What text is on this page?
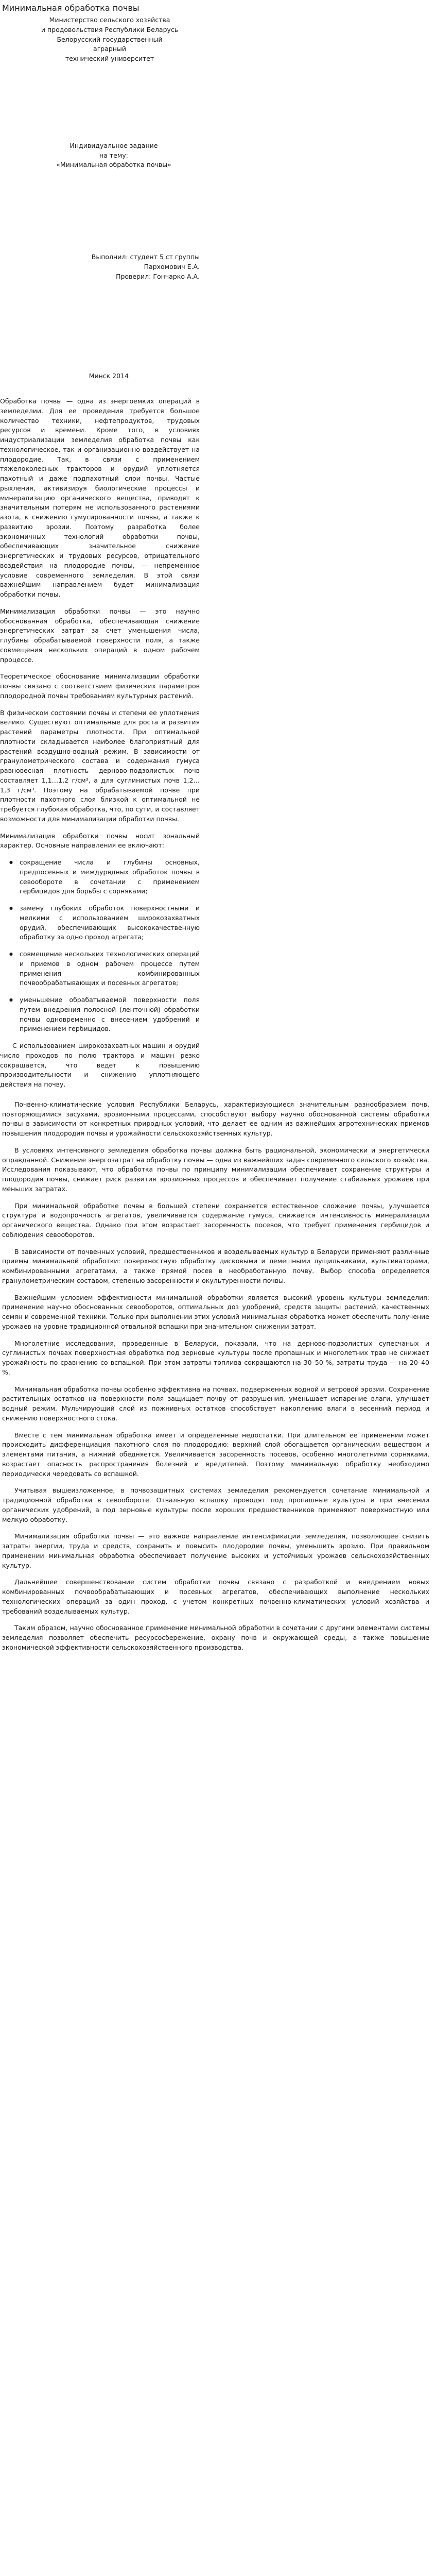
Минимальная обработка почвы

Министерство сельского хозяйства

и продовольствия Республики Беларусь

Белорусский государственный аграрный

технический университет

Индивидуальное задание

на тему:

«Минимальная обработка почвы»

Выполнил: студент 5 ст группы

Пархомович Е.А.

Проверил: Гончарко А.А.

Минск 2014

Обработка почвы — одна из энергоемких операций в земледелии. Для ее проведения требуется большое количество техники, нефтепродуктов, трудовых ресурсов и времени. Кроме того, в условиях индустриализации земледелия обработка почвы как технологическое, так и организационно воздействует на плодородие. Так, в связи с применением тяжелоколесных тракторов и орудий уплотняется пахотный и даже подпахотный слои почвы. Частые рыхления, активизируя биологические процессы и минерализацию органического вещества, приводят к значительным потерям не использованного растениями азота, к снижению гумусированности почвы, а также к развитию эрозии. Поэтому разработка более экономичных технологий обработки почвы, обеспечивающих значительное снижение энергетических и трудовых ресурсов, отрицательного воздействия на плодородие почвы, — непременное условие современного земледелия. В этой связи важнейшим направлением будет минимализация обработки почвы.

Минимализация обработки почвы — это научно обоснованная обработка, обеспечивающая снижение энергетических затрат за счет уменьшения числа, глубины обрабатываемой поверхности поля, а также совмещения нескольких операций в одном рабочем процессе.

Теоретическое обоснование минимализации обработки почвы связано с соответствием физических параметров плодородной почвы требованиям культурных растений.

В физическом состоянии почвы и степени ее уплотнения велико. Существуют оптимальные для роста и развития растений параметры плотности. При оптимальной плотности складывается наиболее благоприятный для растений воздушно-водный режим. В зависимости от гранулометрического состава и содержания гумуса равновесная плотность дерново-подзолистых почв составляет 1,1…1,2 г/см³, а для суглинистых почв 1,2…1,3 г/см³. Поэтому на обрабатываемой почве при плотности пахотного слоя близкой к оптимальной не требуется глубокая обработка, что, по сути, и составляет возможности для минимализации обработки почвы.

Минимализация обработки почвы носит зональный характер. Основные направления ее включают:

● сокращение числа и глубины основных, предпосевных и междурядных обработок почвы в севообороте в сочетании с применением гербицидов для борьбы с сорняками;
● замену глубоких обработок поверхностными и мелкими с использованием широкозахватных орудий, обеспечивающих высококачественную обработку за одно проход агрегата;
● совмещение нескольких технологических операций и приемов в одном рабочем процессе путем применения комбинированных почвообрабатывающих и посевных агрегатов;
● уменьшение обрабатываемой поверхности поля путем внедрения полосной (ленточной) обработки почвы одновременно с внесением удобрений и применением гербицидов.

С использованием широкозахватных машин и орудий число проходов по полю трактора и машин резко сокращается, что ведет к повышению производительности и снижению уплотняющего действия на почву.

Почвенно-климатические условия Республики Беларусь, характеризующиеся значительным разнообразием почв, повторяющимися засухами, эрозионными процессами, способствуют выбору научно обоснованной системы обработки почвы в зависимости от конкретных природных условий, что делает ее одним из важнейших агротехнических приемов повышения плодородия почвы и урожайности сельскохозяйственных культур.

В условиях интенсивного земледелия обработка почвы должна быть рациональной, экономически и энергетически оправданной. Снижение энергозатрат на обработку почвы — одна из важнейших задач современного сельского хозяйства. Исследования показывают, что обработка почвы по принципу минимализации обеспечивает сохранение структуры и плодородия почвы, снижает риск развития эрозионных процессов и обеспечивает получение стабильных урожаев при меньших затратах.

При минимальной обработке почвы в большей степени сохраняется естественное сложение почвы, улучшается структура и водопрочность агрегатов, увеличивается содержание гумуса, снижается интенсивность минерализации органического вещества. Однако при этом возрастает засоренность посевов, что требует применения гербицидов и соблюдения севооборотов.

В зависимости от почвенных условий, предшественников и возделываемых культур в Беларуси применяют различные приемы минимальной обработки: поверхностную обработку дисковыми и лемешными лущильниками, культиваторами, комбинированными агрегатами, а также прямой посев в необработанную почву. Выбор способа определяется гранулометрическим составом, степенью засоренности и окультуренности почвы.

Важнейшим условием эффективности минимальной обработки является высокий уровень культуры земледелия: применение научно обоснованных севооборотов, оптимальных доз удобрений, средств защиты растений, качественных семян и современной техники. Только при выполнении этих условий минимальная обработка может обеспечить получение урожаев на уровне традиционной отвальной вспашки при значительном снижении затрат.

Многолетние исследования, проведенные в Беларуси, показали, что на дерново-подзолистых супесчаных и суглинистых почвах поверхностная обработка под зерновые культуры после пропашных и многолетних трав не снижает урожайность по сравнению со вспашкой. При этом затраты топлива сокращаются на 30–50 %, затраты труда — на 20–40 %.

Минимальная обработка почвы особенно эффективна на почвах, подверженных водной и ветровой эрозии. Сохранение растительных остатков на поверхности поля защищает почву от разрушения, уменьшает испарение влаги, улучшает водный режим. Мульчирующий слой из пожнивных остатков способствует накоплению влаги в весенний период и снижению поверхностного стока.

Вместе с тем минимальная обработка имеет и определенные недостатки. При длительном ее применении может происходить дифференциация пахотного слоя по плодородию: верхний слой обогащается органическим веществом и элементами питания, а нижний обедняется. Увеличивается засоренность посевов, особенно многолетними сорняками, возрастает опасность распространения болезней и вредителей. Поэтому минимальную обработку необходимо периодически чередовать со вспашкой.

Учитывая вышеизложенное, в почвозащитных системах земледелия рекомендуется сочетание минимальной и традиционной обработки в севообороте. Отвальную вспашку проводят под пропашные культуры и при внесении органических удобрений, а под зерновые культуры после хороших предшественников применяют поверхностную или мелкую обработку.

Минимализация обработки почвы — это важное направление интенсификации земледелия, позволяющее снизить затраты энергии, труда и средств, сохранить и повысить плодородие почвы, уменьшить эрозию. При правильном применении минимальная обработка обеспечивает получение высоких и устойчивых урожаев сельскохозяйственных культур.

Дальнейшее совершенствование систем обработки почвы связано с разработкой и внедрением новых комбинированных почвообрабатывающих и посевных агрегатов, обеспечивающих выполнение нескольких технологических операций за один проход, с учетом конкретных почвенно-климатических условий хозяйства и требований возделываемых культур.

Таким образом, научно обоснованное применение минимальной обработки в сочетании с другими элементами системы земледелия позволяет обеспечить ресурсосбережение, охрану почв и окружающей среды, а также повышение экономической эффективности сельскохозяйственного производства.
